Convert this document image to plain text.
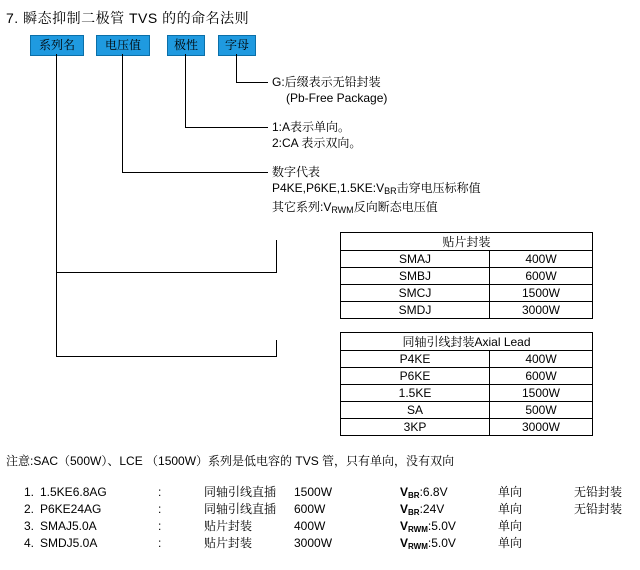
7. 瞬态抑制二极管 TVS 的的命名法则
系列名	电压值	极性	字母
G:后缀表示无铅封装
(Pb-Free Package)
1:A表示单向。
2:CA 表示双向。
数字代表
$P4KE,P6KE,1.5KE:V_{BR}$击穿电压标称值
其它系列$:V_{RWM}$反向断态电压值
贴片封装	
SMAJ	400W
SMBJ	600W
SMCJ	1500W
SMDJ	3000W
同轴引线封装Axial Lead	
P4KE	400W
P6KE	600W
1.5KE	1500W
SA	500W
3KP	3000W
注意:SAC（500W）、LCE （1500W）系列是低电容的 TVS 管，只有单向，没有双向
1. 1.5KE6.8AG	:	同轴引线直插 1500W	$V_{BR}:6.8V$	单向	无铅封装
2. P6KE24AG	:	同轴引线直插 600W	$V_{BR}:24V$	单向	无铅封装
3. SMAJ5.0A	:	贴片封装	400W	$V_{RWM}:5.0V$	单向
4. SMDJ5.0A	:	贴片封装	3000W	$V_{RWM}:5.0V$	单向
